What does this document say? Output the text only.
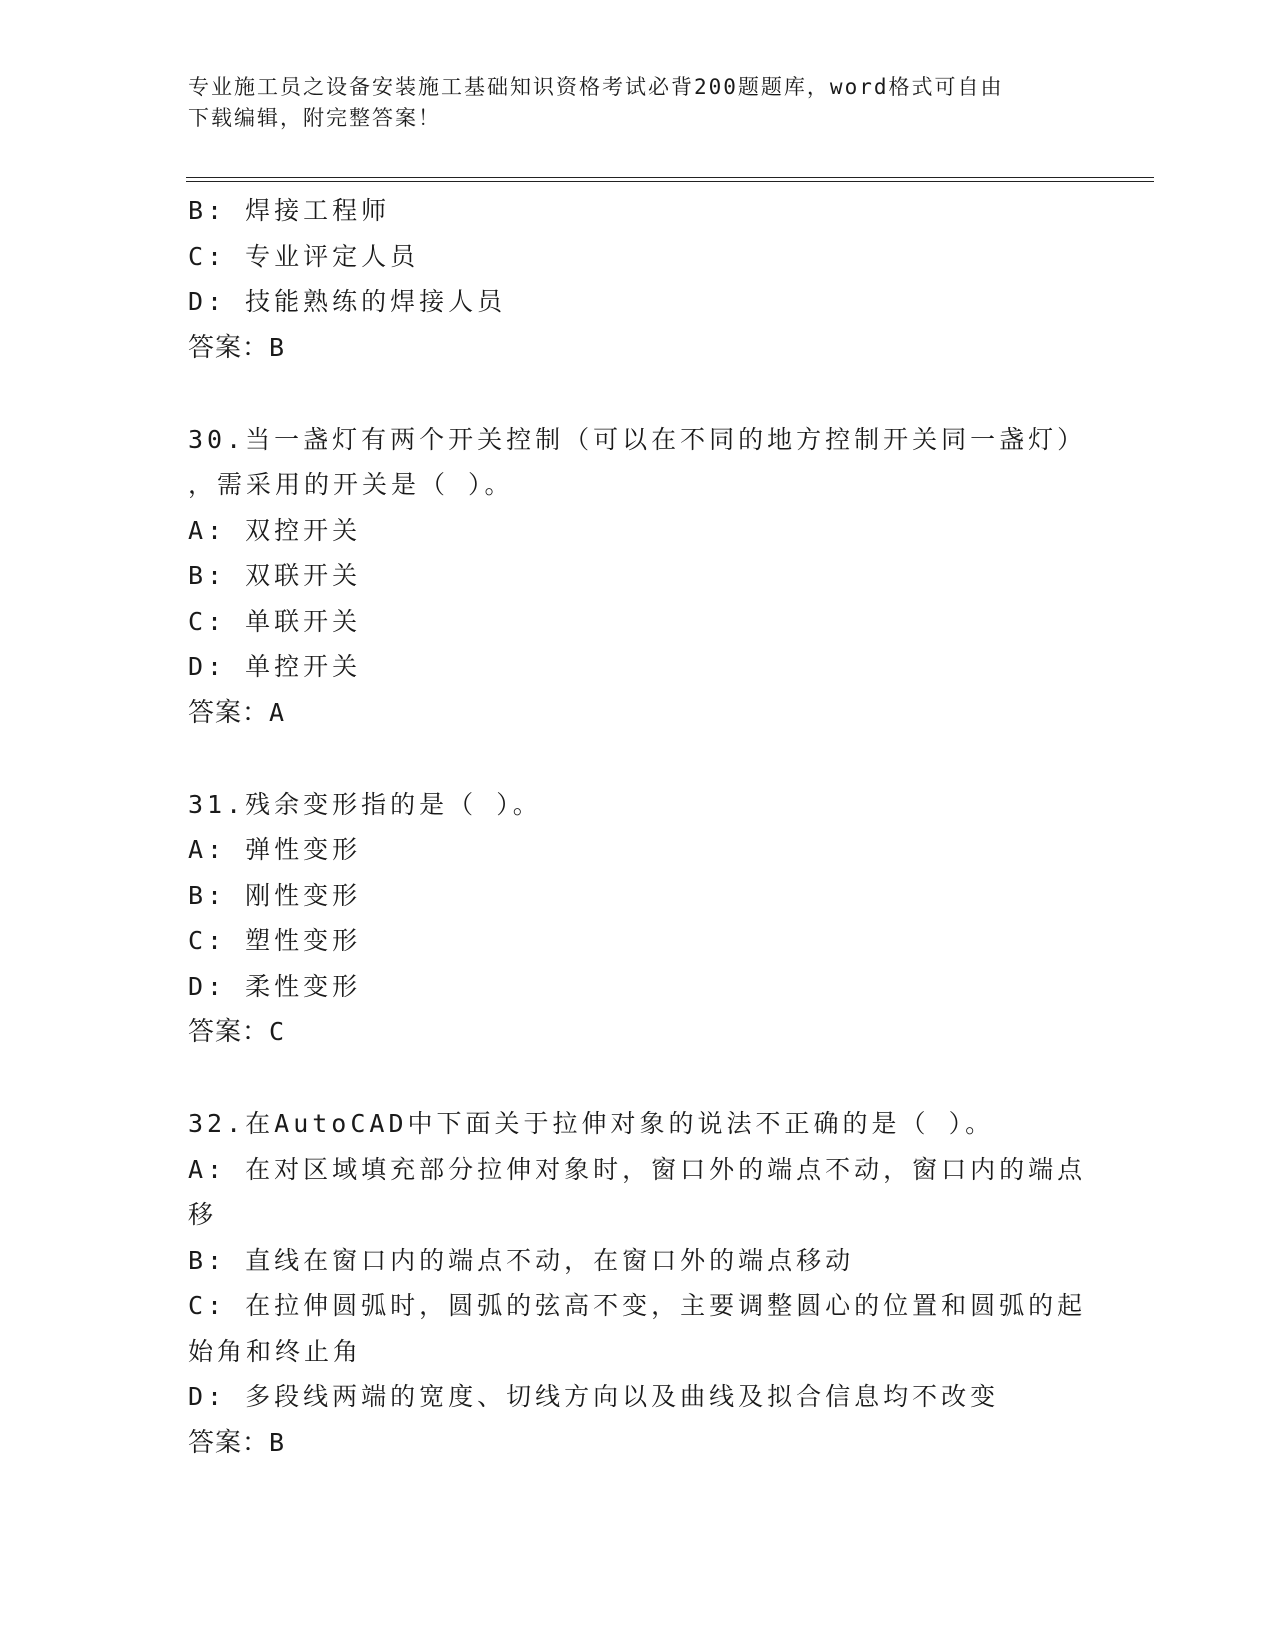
专业施工员之设备安装施工基础知识资格考试必背200题题库，word格式可自由
下载编辑，附完整答案！
B: 焊接工程师
C: 专业评定人员
D: 技能熟练的焊接人员
答案：B
30.当一盏灯有两个开关控制（可以在不同的地方控制开关同一盏灯）
，需采用的开关是（ ）。
A: 双控开关
B: 双联开关
C: 单联开关
D: 单控开关
答案：A
31.残余变形指的是（ ）。
A: 弹性变形
B: 刚性变形
C: 塑性变形
D: 柔性变形
答案：C
32.在AutoCAD中下面关于拉伸对象的说法不正确的是（ ）。
A: 在对区域填充部分拉伸对象时，窗口外的端点不动，窗口内的端点
移
B: 直线在窗口内的端点不动，在窗口外的端点移动
C: 在拉伸圆弧时，圆弧的弦高不变，主要调整圆心的位置和圆弧的起
始角和终止角
D: 多段线两端的宽度、切线方向以及曲线及拟合信息均不改变
答案：B
